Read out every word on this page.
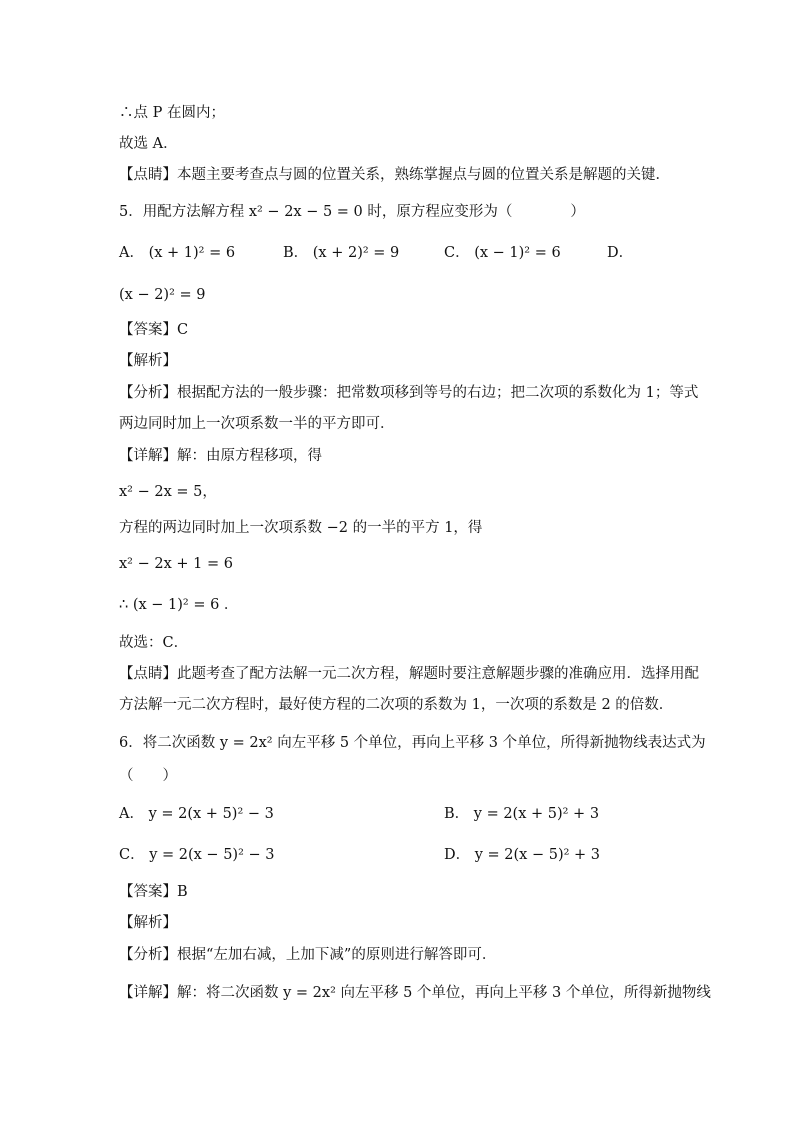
∴点 P 在圆内；
故选 A．
【点睛】本题主要考查点与圆的位置关系，熟练掌握点与圆的位置关系是解题的关键．
5．用配方法解方程 x² − 2x − 5 = 0 时，原方程应变形为（　　　　）
A． (x + 1)² = 6	B． (x + 2)² = 9	C． (x − 1)² = 6	D．
(x − 2)² = 9
【答案】C
【解析】
【分析】根据配方法的一般步骤：把常数项移到等号的右边；把二次项的系数化为 1；等式
两边同时加上一次项系数一半的平方即可．
【详解】解：由原方程移项，得
x² − 2x = 5，
方程的两边同时加上一次项系数 −2 的一半的平方 1，得
x² − 2x + 1 = 6
∴ (x − 1)² = 6 ．
故选：C．
【点睛】此题考查了配方法解一元二次方程，解题时要注意解题步骤的准确应用．选择用配
方法解一元二次方程时，最好使方程的二次项的系数为 1，一次项的系数是 2 的倍数．
6．将二次函数 y = 2x² 向左平移 5 个单位，再向上平移 3 个单位，所得新抛物线表达式为
（　　）
A． y = 2(x + 5)² − 3	B． y = 2(x + 5)² + 3
C． y = 2(x − 5)² − 3	D． y = 2(x − 5)² + 3
【答案】B
【解析】
【分析】根据“左加右减，上加下减”的原则进行解答即可．
【详解】解：将二次函数 y = 2x² 向左平移 5 个单位，再向上平移 3 个单位，所得新抛物线
